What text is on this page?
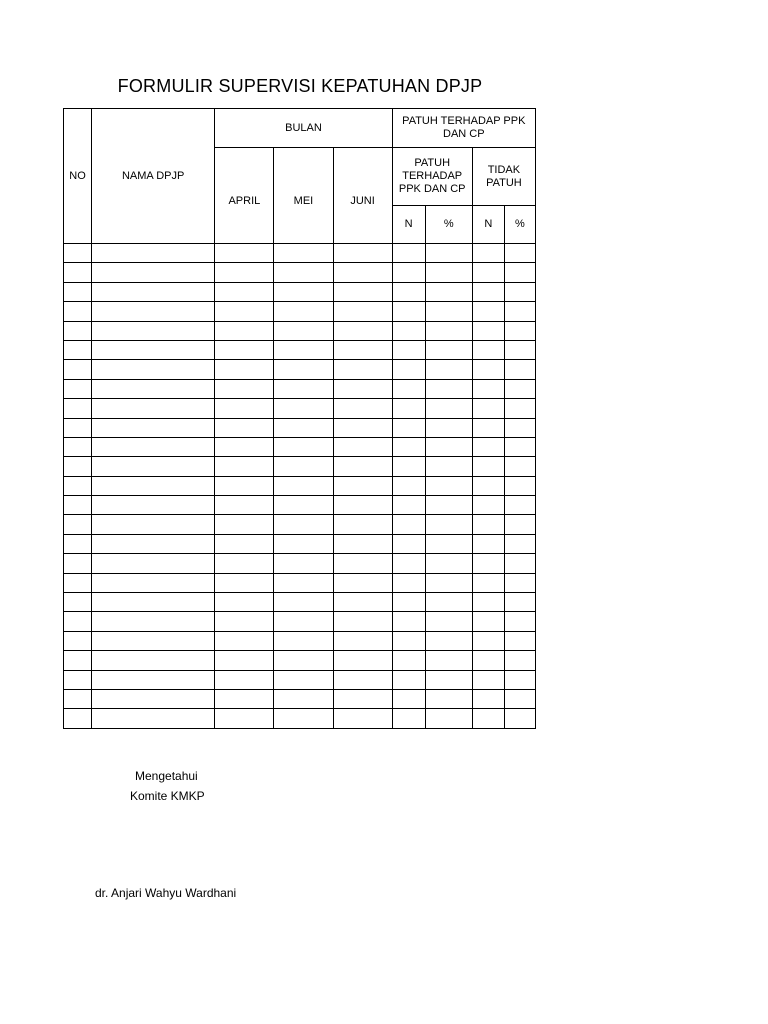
FORMULIR SUPERVISI KEPATUHAN DPJP
NO	NAMA DPJP	BULAN			PATUH TERHADAP PPK DAN CP			
		APRIL	MEI	JUNI	PATUH TERHADAP PPK DAN CP		TIDAK PATUH	
					N	%	N	%

Mengetahui
Komite KMKP
dr. Anjari Wahyu Wardhani
